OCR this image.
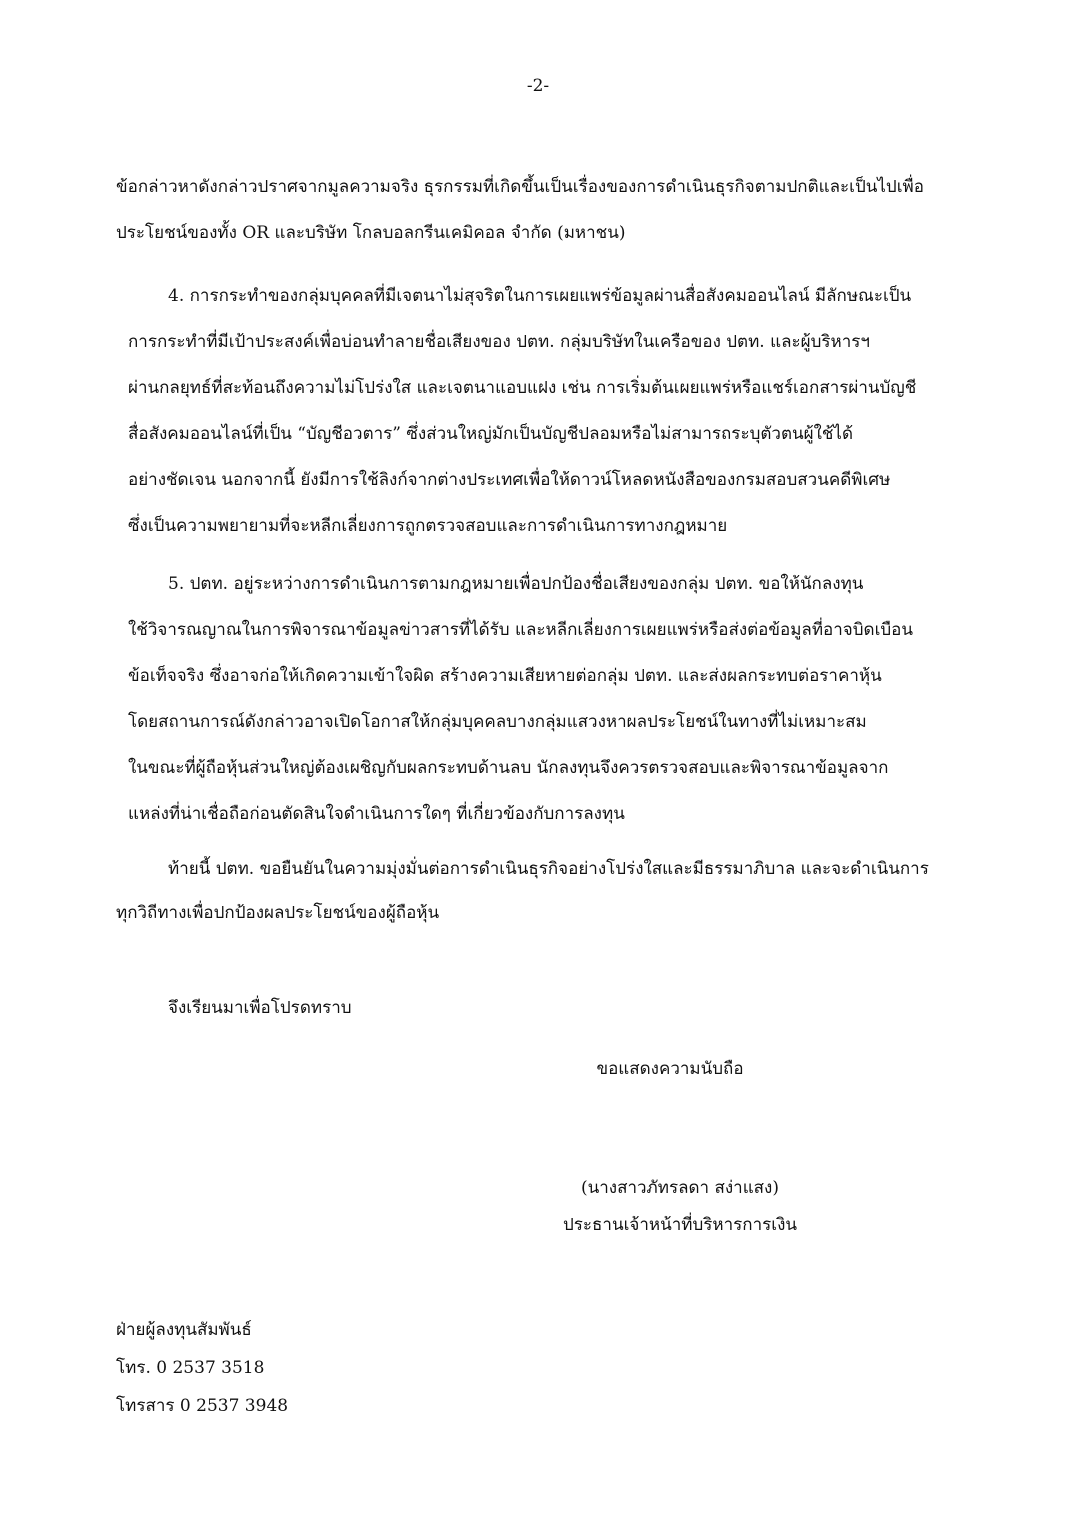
-2-
ข้อกล่าวหาดังกล่าวปราศจากมูลความจริง ธุรกรรมที่เกิดขึ้นเป็นเรื่องของการดำเนินธุรกิจตามปกติและเป็นไปเพื่อ
ประโยชน์ของทั้ง OR และบริษัท โกลบอลกรีนเคมิคอล จำกัด (มหาชน)
4. การกระทำของกลุ่มบุคคลที่มีเจตนาไม่สุจริตในการเผยแพร่ข้อมูลผ่านสื่อสังคมออนไลน์ มีลักษณะเป็น
การกระทำที่มีเป้าประสงค์เพื่อบ่อนทำลายชื่อเสียงของ ปตท. กลุ่มบริษัทในเครือของ ปตท. และผู้บริหารฯ
ผ่านกลยุทธ์ที่สะท้อนถึงความไม่โปร่งใส และเจตนาแอบแฝง เช่น การเริ่มต้นเผยแพร่หรือแชร์เอกสารผ่านบัญชี
สื่อสังคมออนไลน์ที่เป็น “บัญชีอวตาร” ซึ่งส่วนใหญ่มักเป็นบัญชีปลอมหรือไม่สามารถระบุตัวตนผู้ใช้ได้
อย่างชัดเจน นอกจากนี้ ยังมีการใช้ลิงก์จากต่างประเทศเพื่อให้ดาวน์โหลดหนังสือของกรมสอบสวนคดีพิเศษ
ซึ่งเป็นความพยายามที่จะหลีกเลี่ยงการถูกตรวจสอบและการดำเนินการทางกฎหมาย
5. ปตท. อยู่ระหว่างการดำเนินการตามกฎหมายเพื่อปกป้องชื่อเสียงของกลุ่ม ปตท. ขอให้นักลงทุน
ใช้วิจารณญาณในการพิจารณาข้อมูลข่าวสารที่ได้รับ และหลีกเลี่ยงการเผยแพร่หรือส่งต่อข้อมูลที่อาจบิดเบือน
ข้อเท็จจริง ซึ่งอาจก่อให้เกิดความเข้าใจผิด สร้างความเสียหายต่อกลุ่ม ปตท. และส่งผลกระทบต่อราคาหุ้น
โดยสถานการณ์ดังกล่าวอาจเปิดโอกาสให้กลุ่มบุคคลบางกลุ่มแสวงหาผลประโยชน์ในทางที่ไม่เหมาะสม
ในขณะที่ผู้ถือหุ้นส่วนใหญ่ต้องเผชิญกับผลกระทบด้านลบ นักลงทุนจึงควรตรวจสอบและพิจารณาข้อมูลจาก
แหล่งที่น่าเชื่อถือก่อนตัดสินใจดำเนินการใดๆ ที่เกี่ยวข้องกับการลงทุน
ท้ายนี้ ปตท. ขอยืนยันในความมุ่งมั่นต่อการดำเนินธุรกิจอย่างโปร่งใสและมีธรรมาภิบาล และจะดำเนินการ
ทุกวิถีทางเพื่อปกป้องผลประโยชน์ของผู้ถือหุ้น
จึงเรียนมาเพื่อโปรดทราบ
ขอแสดงความนับถือ
(นางสาวภัทรลดา สง่าแสง)
ประธานเจ้าหน้าที่บริหารการเงิน
ฝ่ายผู้ลงทุนสัมพันธ์
โทร. 0 2537 3518
โทรสาร 0 2537 3948
